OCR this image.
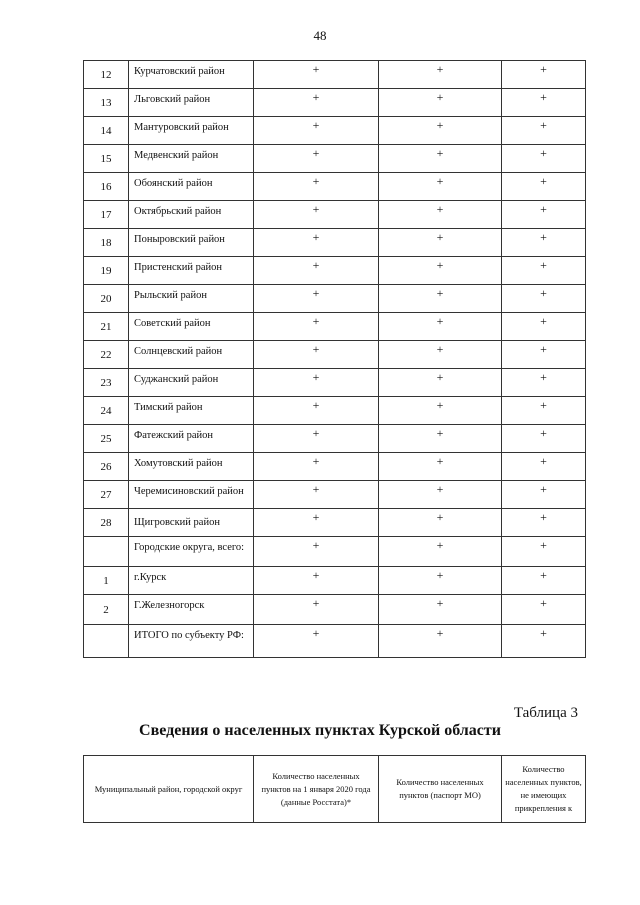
48
12	Курчатовский район	+	+	+
13	Льговский район	+	+	+
14	Мантуровский район	+	+	+
15	Медвенский район	+	+	+
16	Обоянский район	+	+	+
17	Октябрьский район	+	+	+
18	Поныровский район	+	+	+
19	Пристенский район	+	+	+
20	Рыльский район	+	+	+
21	Советский район	+	+	+
22	Солнцевский район	+	+	+
23	Суджанский район	+	+	+
24	Тимский район	+	+	+
25	Фатежский район	+	+	+
26	Хомутовский район	+	+	+
27	Черемисиновский район	+	+	+
28	Щигровский район	+	+	+
	Городские округа, всего:	+	+	+
1	г.Курск	+	+	+
2	Г.Железногорск	+	+	+
	ИТОГО по субъекту РФ:	+	+	+
Таблица 3
Сведения о населенных пунктах Курской области
Муниципальный район, городской округ	Количество населенных пунктов на 1 января 2020 года (данные Росстата)*	Количество населенных пунктов (паспорт МО)	Количество населенных пунктов, не имеющих прикрепления к
